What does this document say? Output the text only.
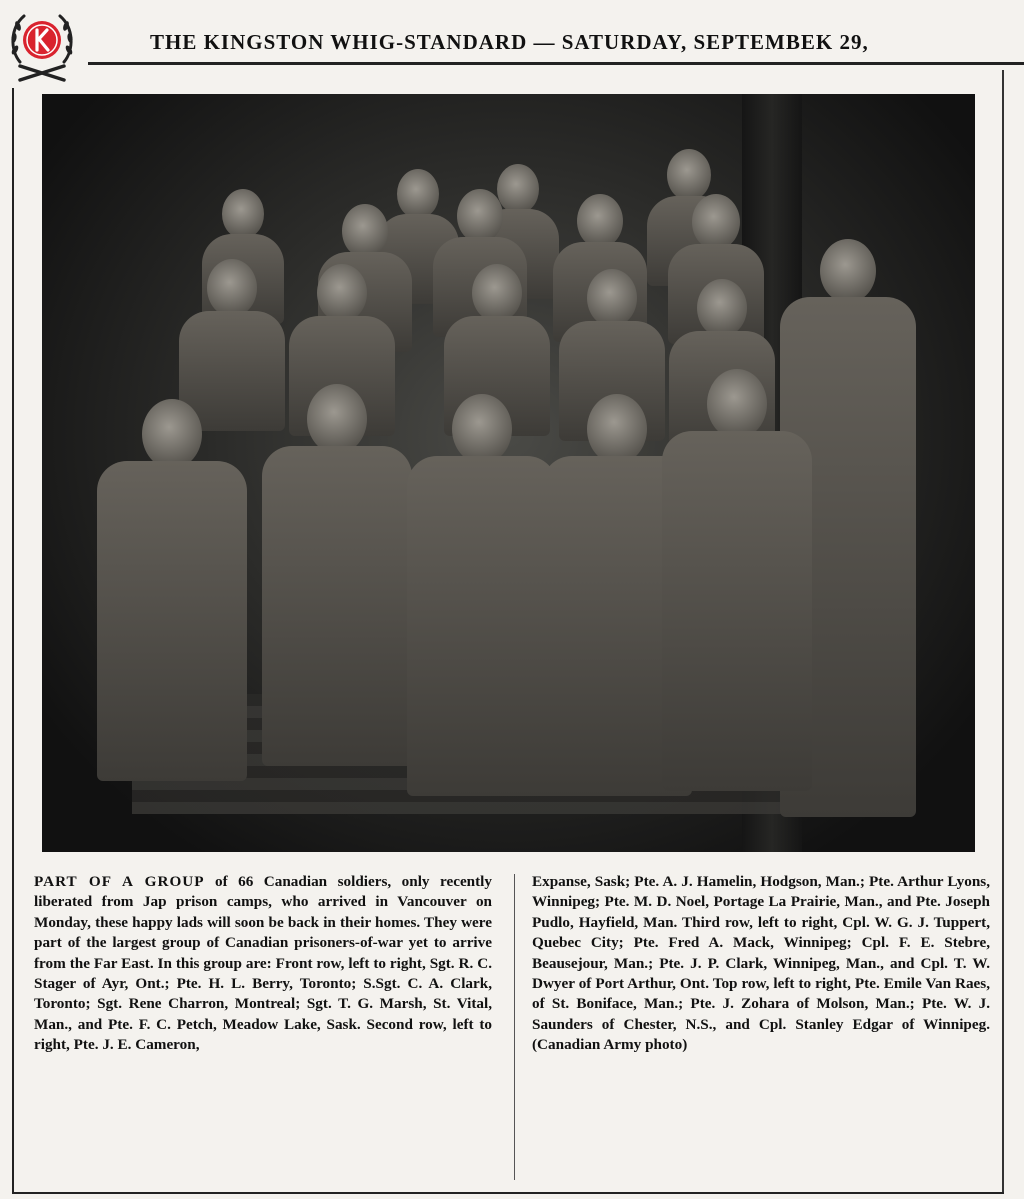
THE KINGSTON WHIG-STANDARD — SATURDAY, SEPTEMBEK 29,
PART OF A GROUP of 66 Canadian soldiers, only recently liberated from Jap prison camps, who arrived in Vancouver on Monday, these happy lads will soon be back in their homes. They were part of the largest group of Canadian prisoners-of-war yet to arrive from the Far East. In this group are: Front row, left to right, Sgt. R. C. Stager of Ayr, Ont.; Pte. H. L. Berry, Toronto; S.Sgt. C. A. Clark, Toronto; Sgt. Rene Charron, Montreal; Sgt. T. G. Marsh, St. Vital, Man., and Pte. F. C. Petch, Meadow Lake, Sask. Second row, left to right, Pte. J. E. Cameron,
Expanse, Sask; Pte. A. J. Hamelin, Hodgson, Man.; Pte. Arthur Lyons, Winnipeg; Pte. M. D. Noel, Portage La Prairie, Man., and Pte. Joseph Pudlo, Hayfield, Man. Third row, left to right, Cpl. W. G. J. Tuppert, Quebec City; Pte. Fred A. Mack, Winnipeg; Cpl. F. E. Stebre, Beausejour, Man.; Pte. J. P. Clark, Winnipeg, Man., and Cpl. T. W. Dwyer of Port Arthur, Ont. Top row, left to right, Pte. Emile Van Raes, of St. Boniface, Man.; Pte. J. Zohara of Molson, Man.; Pte. W. J. Saunders of Chester, N.S., and Cpl. Stanley Edgar of Winnipeg. (Canadian Army photo)
